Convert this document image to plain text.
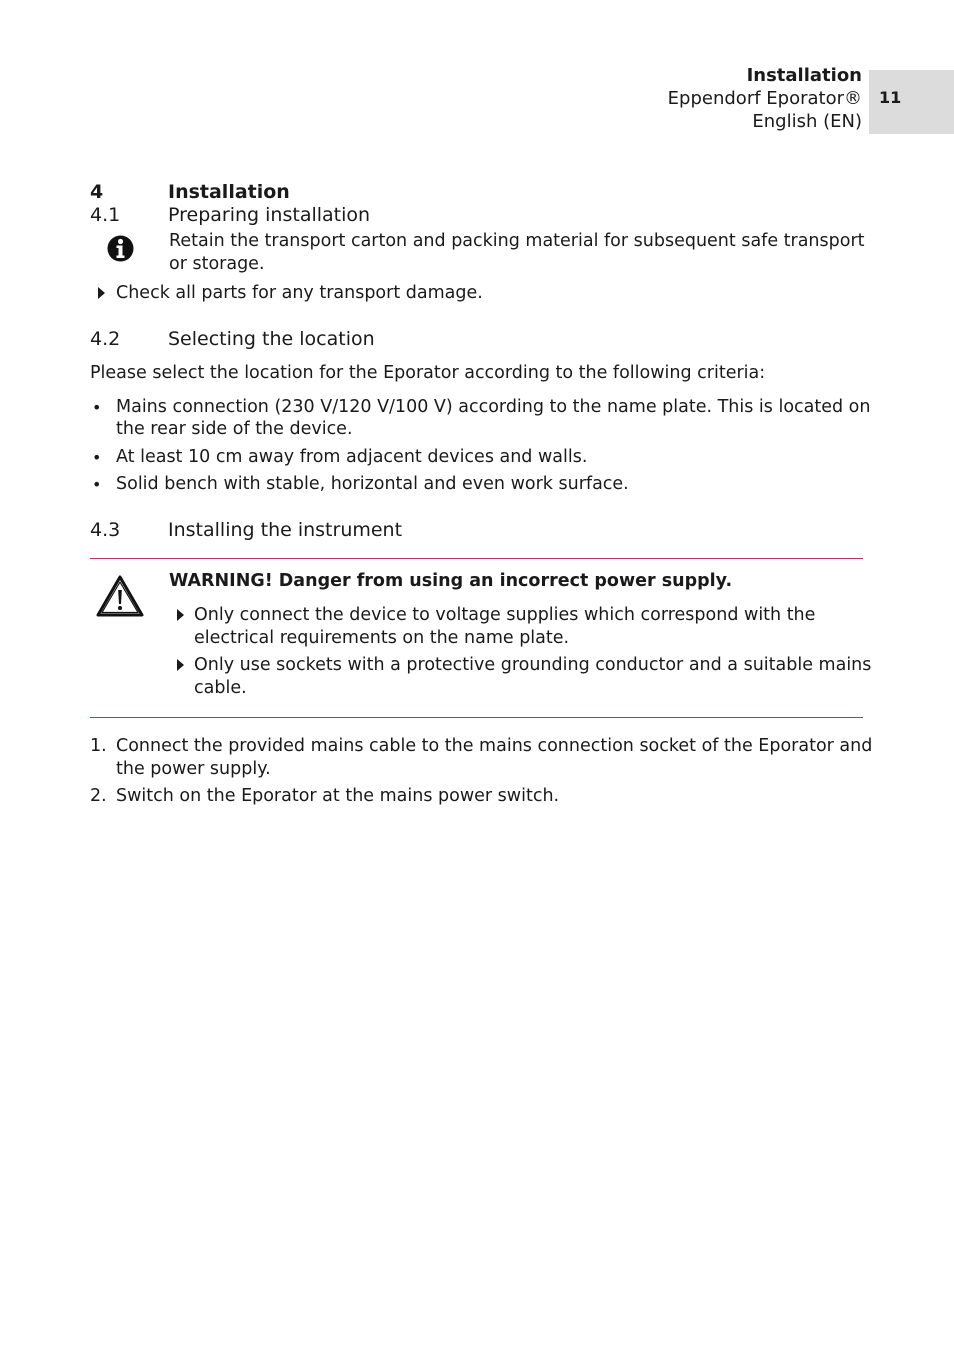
Installation
Eppendorf Eporator®
English (EN)
11
4	Installation
4.1	Preparing installation
Retain the transport carton and packing material for subsequent safe transport
or storage.
Check all parts for any transport damage.
4.2	Selecting the location
Please select the location for the Eporator according to the following criteria:
• Mains connection (230 V/120 V/100 V) according to the name plate. This is located on
the rear side of the device.
• At least 10 cm away from adjacent devices and walls.
• Solid bench with stable, horizontal and even work surface.
4.3	Installing the instrument
WARNING! Danger from using an incorrect power supply.
Only connect the device to voltage supplies which correspond with the
electrical requirements on the name plate.
Only use sockets with a protective grounding conductor and a suitable mains
cable.
1. Connect the provided mains cable to the mains connection socket of the Eporator and
the power supply.
2. Switch on the Eporator at the mains power switch.
